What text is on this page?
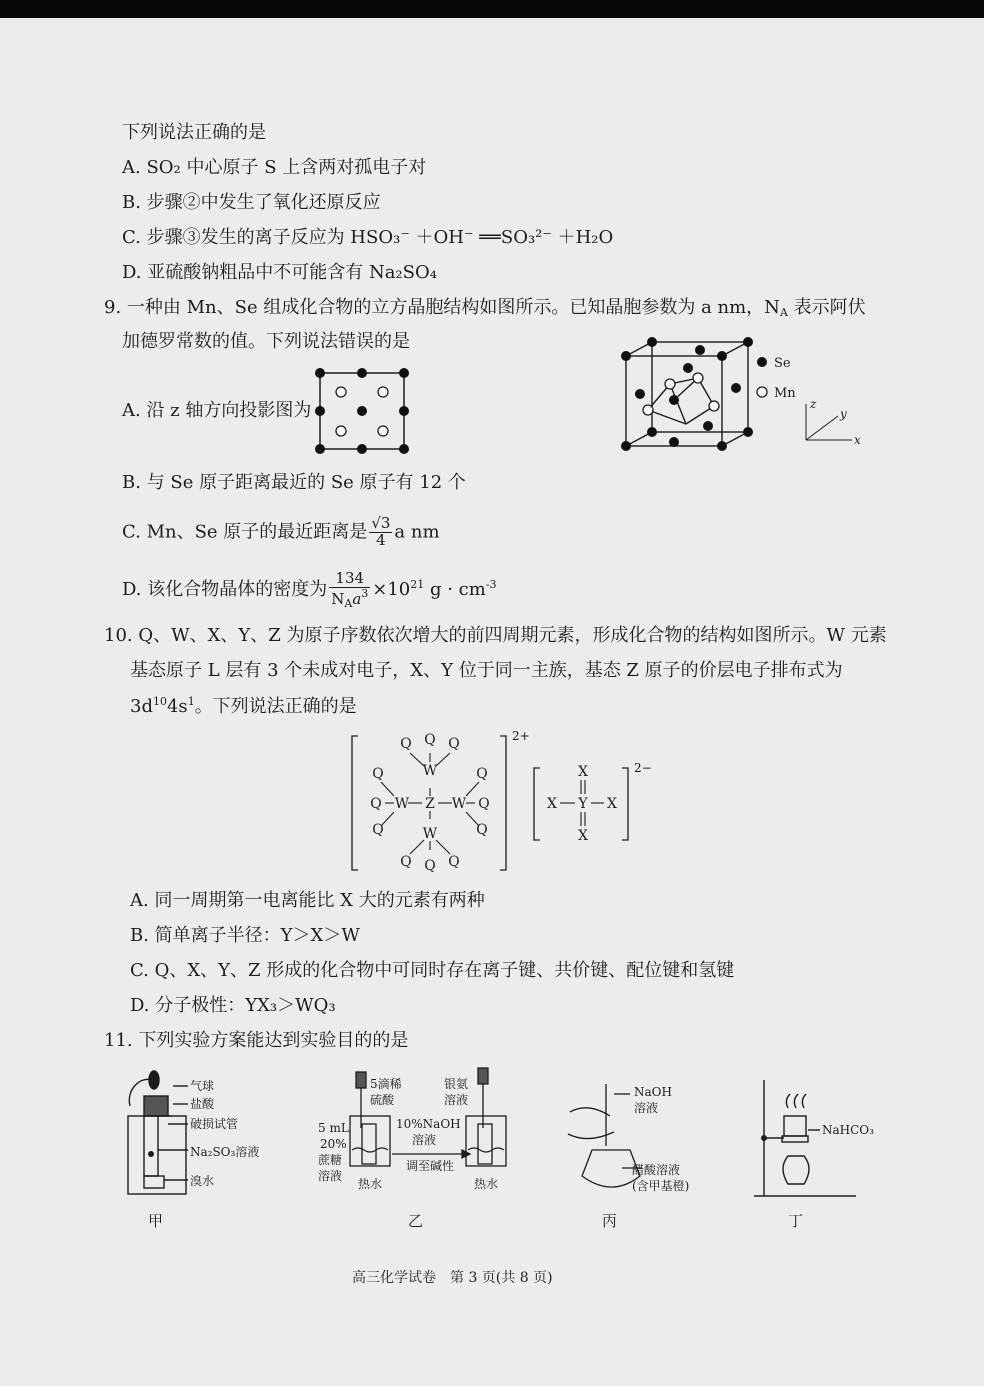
下列说法正确的是
A. SO₂ 中心原子 S 上含两对孤电子对
B. 步骤②中发生了氧化还原反应
C. 步骤③发生的离子反应为 HSO₃⁻ ＋OH⁻ ══SO₃²⁻ ＋H₂O
D. 亚硫酸钠粗品中不可能含有 Na₂SO₄
9. 一种由 Mn、Se 组成化合物的立方晶胞结构如图所示。已知晶胞参数为 a nm，$N_A$ 表示阿伏
加德罗常数的值。下列说法错误的是
A. 沿 z 轴方向投影图为
Se
Mn
x
y
z
B. 与 Se 原子距离最近的 Se 原子有 12 个
C. Mn、Se 原子的最近距离是 $\frac{√3}{4}$ a nm
D. 该化合物晶体的密度为 $\frac{134}{N_Aa^3} \times 10^{21}$ $g \cdot cm^{-3}$
10. Q、W、X、Y、Z 为原子序数依次增大的前四周期元素，形成化合物的结构如图所示。W 元素
基态原子 L 层有 3 个未成对电子，X、Y 位于同一主族，基态 Z 原子的价层电子排布式为
$3d^{10}4s^1$。下列说法正确的是
2+
2−
Z
W
W
W	W
Q
Q	Q
Q
Q	Q
Q
Q
Q
Q
Q	Q	Y
X
X
X	X
A. 同一周期第一电离能比 X 大的元素有两种
B. 简单离子半径：Y＞X＞W
C. Q、X、Y、Z 形成的化合物中可同时存在离子键、共价键、配位键和氢键
D. 分子极性：YX₃＞WQ₃
11. 下列实验方案能达到实验目的的是
气球
盐酸
破损试管
Na₂SO₃溶液
溴水
甲
5滴稀
硫酸
银氨
溶液
5 mL
20%
蔗糖
溶液
10%NaOH
溶液
调至碱性
热水	热水
乙
NaOH
溶液
醋酸溶液
(含甲基橙)
丙
NaHCO₃
丁
高三化学试卷　第 3 页(共 8 页)
